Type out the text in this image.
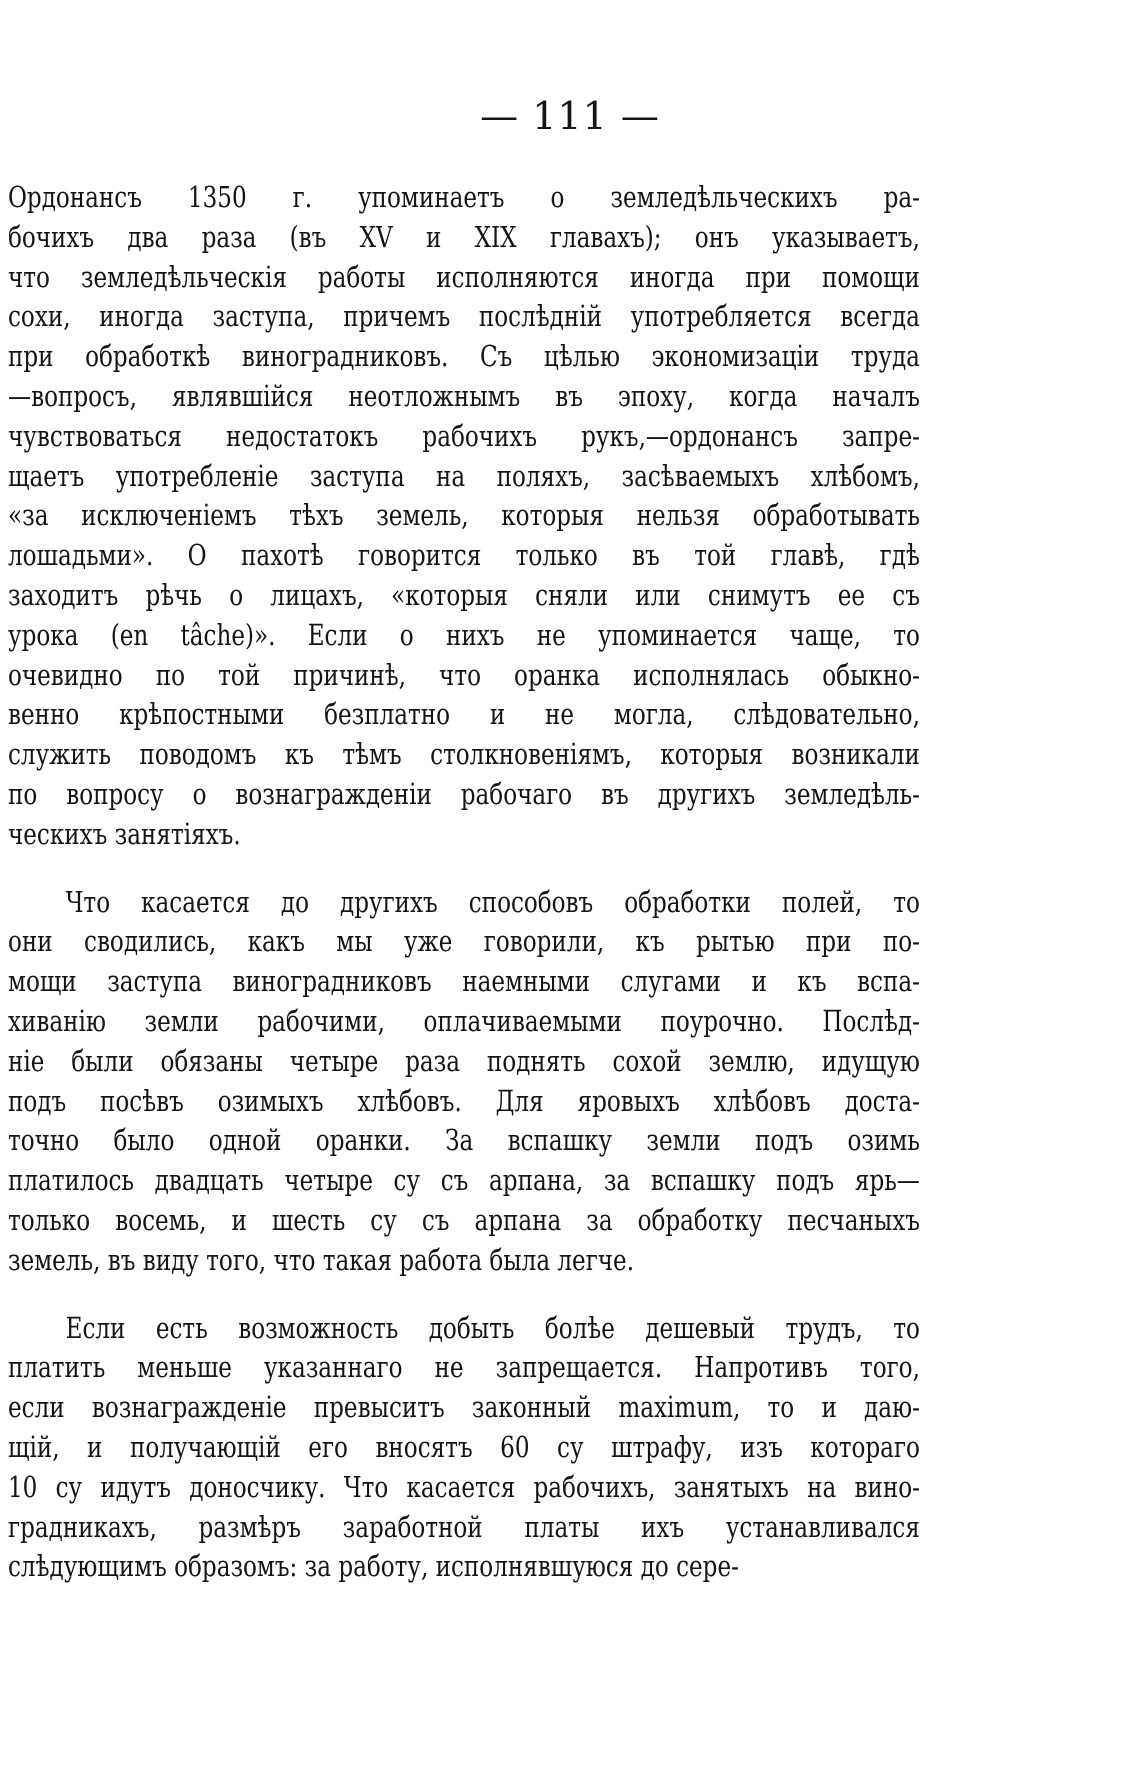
— 111 —
Ордонансъ 1350 г. упоминаетъ о земледѣльческихъ ра-
бочихъ два раза (въ XV и XIX главахъ); онъ указываетъ,
что земледѣльческія работы исполняются иногда при помощи
сохи, иногда заступа, причемъ послѣдній употребляется всегда
при обработкѣ виноградниковъ. Съ цѣлью экономизаціи труда
—вопросъ, являвшійся неотложнымъ въ эпоху, когда началъ
чувствоваться недостатокъ рабочихъ рукъ,—ордонансъ запре-
щаетъ употребленіе заступа на поляхъ, засѣваемыхъ хлѣбомъ,
«за исключеніемъ тѣхъ земель, которыя нельзя обработывать
лошадьми». О пахотѣ говорится только въ той главѣ, гдѣ
заходитъ рѣчь о лицахъ, «которыя сняли или снимутъ ее съ
урока (en tâche)». Если о нихъ не упоминается чаще, то
очевидно по той причинѣ, что оранка исполнялась обыкно-
венно крѣпостными безплатно и не могла, слѣдовательно,
служить поводомъ къ тѣмъ столкновеніямъ, которыя возникали
по вопросу о вознагражденіи рабочаго въ другихъ земледѣль-
ческихъ занятіяхъ.
Что касается до другихъ способовъ обработки полей, то
они сводились, какъ мы уже говорили, къ рытью при по-
мощи заступа виноградниковъ наемными слугами и къ вспа-
хиванію земли рабочими, оплачиваемыми поурочно. Послѣд-
ніе были обязаны четыре раза поднять сохой землю, идущую
подъ посѣвъ озимыхъ хлѣбовъ. Для яровыхъ хлѣбовъ доста-
точно было одной оранки. За вспашку земли подъ озимь
платилось двадцать четыре су съ арпана, за вспашку подъ ярь—
только восемь, и шесть су съ арпана за обработку песчаныхъ
земель, въ виду того, что такая работа была легче.
Если есть возможность добыть болѣе дешевый трудъ, то
платить меньше указаннаго не запрещается. Напротивъ того,
если вознагражденіе превыситъ законный maximum, то и даю-
щій, и получающій его вносятъ 60 су штрафу, изъ котораго
10 су идутъ доносчику. Что касается рабочихъ, занятыхъ на вино-
градникахъ, размѣръ заработной платы ихъ устанавливался
слѣдующимъ образомъ: за работу, исполнявшуюся до сере-
